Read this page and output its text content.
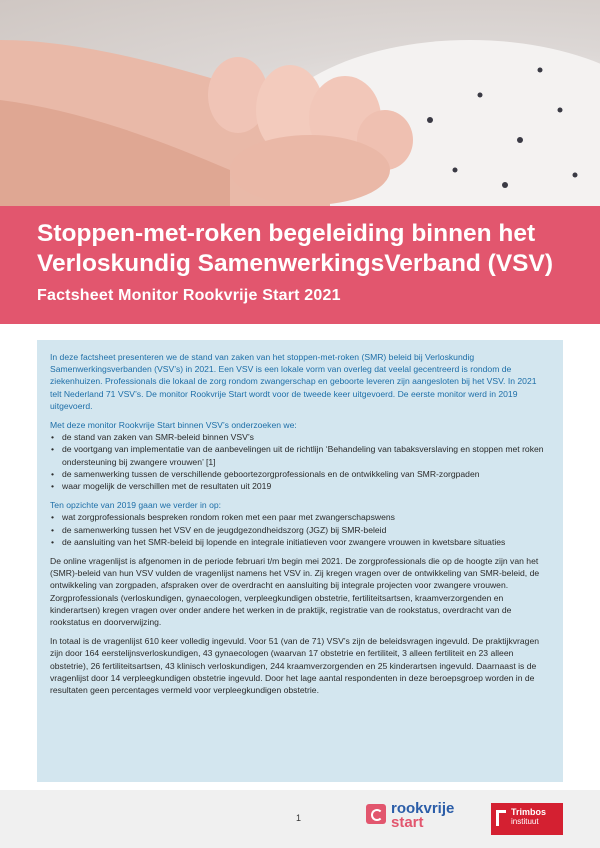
Stoppen-met-roken begeleiding binnen het Verloskundig SamenwerkingsVerband (VSV)
Factsheet Monitor Rookvrije Start 2021

In deze factsheet presenteren we de stand van zaken van het stoppen-met-roken (SMR) beleid bij Verloskundig Samenwerkingsverbanden (VSV’s) in 2021. Een VSV is een lokale vorm van overleg dat veelal gecentreerd is rondom de ziekenhuizen. Professionals die lokaal de zorg rondom zwangerschap en geboorte leveren zijn aangesloten bij het VSV. In 2021 telt Nederland 71 VSV’s. De monitor Rookvrije Start wordt voor de tweede keer uitgevoerd. De eerste monitor werd in 2019 uitgevoerd.

Met deze monitor Rookvrije Start binnen VSV’s onderzoeken we:

• de stand van zaken van SMR-beleid binnen VSV’s
• de voortgang van implementatie van de aanbevelingen uit de richtlijn ‘Behandeling van tabaksverslaving en stoppen met roken ondersteuning bij zwangere vrouwen’ [1]
• de samenwerking tussen de verschillende geboortezorgprofessionals en de ontwikkeling van SMR-zorgpaden
• waar mogelijk de verschillen met de resultaten uit 2019

Ten opzichte van 2019 gaan we verder in op:

• wat zorgprofessionals bespreken rondom roken met een paar met zwangerschapswens
• de samenwerking tussen het VSV en de jeugdgezondheidszorg (JGZ) bij SMR-beleid
• de aansluiting van het SMR-beleid bij lopende en integrale initiatieven voor zwangere vrouwen in kwetsbare situaties

De online vragenlijst is afgenomen in de periode februari t/m begin mei 2021. De zorgprofessionals die op de hoogte zijn van het (SMR)-beleid van hun VSV vulden de vragenlijst namens het VSV in. Zij kregen vragen over de ontwikkeling van SMR-beleid, de ontwikkeling van zorgpaden, afspraken over de overdracht en aansluiting bij integrale projecten voor zwangere vrouwen. Zorgprofessionals (verloskundigen, gynaecologen, verpleegkundigen obstetrie, fertiliteitsartsen, kraamverzorgenden en kinderartsen) kregen vragen over onder andere het werken in de praktijk, registratie van de rookstatus, overdracht van de rookstatus en doorverwijzing.

In totaal is de vragenlijst 610 keer volledig ingevuld. Voor 51 (van de 71) VSV’s zijn de beleidsvragen ingevuld. De praktijkvragen zijn door 164 eerstelijnsverloskundigen, 43 gynaecologen (waarvan 17 obstetrie en fertiliteit, 3 alleen fertiliteit en 23 alleen obstetrie), 26 fertiliteitsartsen, 43 klinisch verloskundigen, 244 kraamverzorgenden en 25 kinderartsen ingevuld. Daarnaast is de vragenlijst door 14 verpleegkundigen obstetrie ingevuld. Door het lage aantal respondenten in deze beroepsgroep worden in de resultaten geen percentages vermeld voor verpleegkundigen obstetrie.

1
rookvrije
start
Trimbos
instituut
